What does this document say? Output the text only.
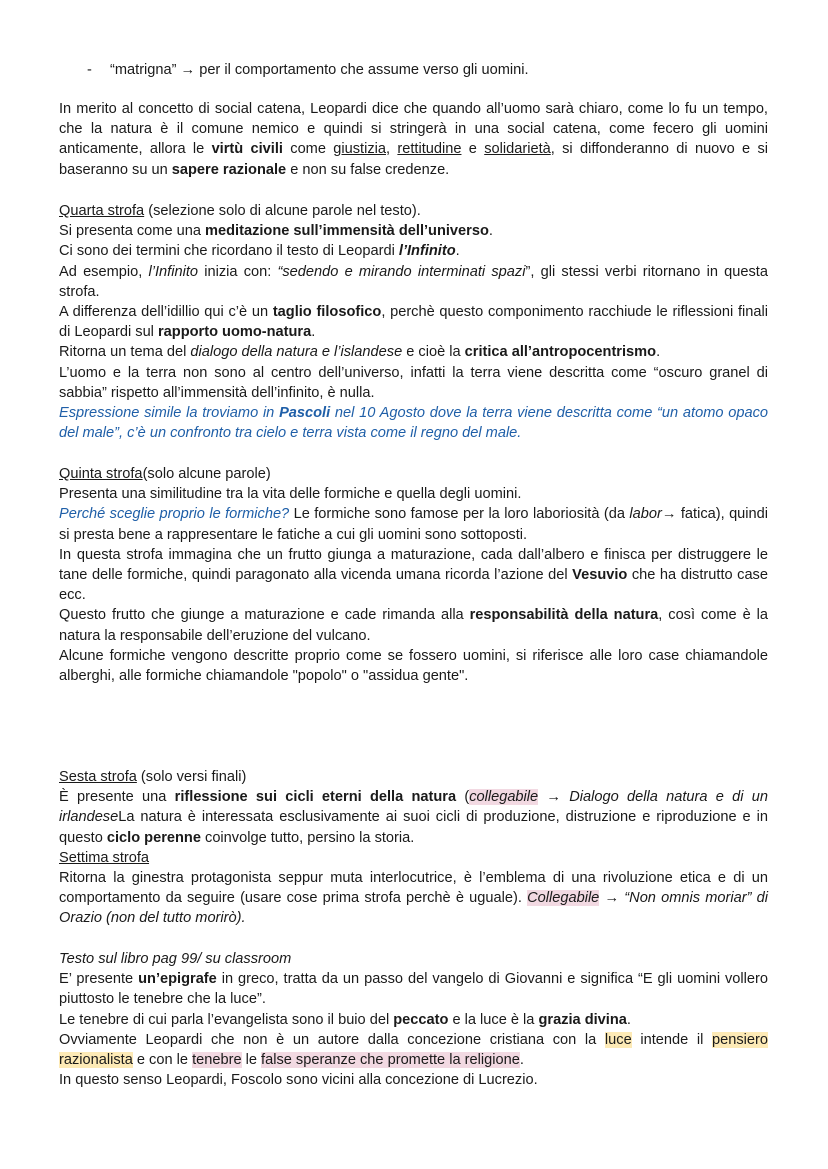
- “matrigna” → per il comportamento che assume verso gli uomini.

In merito al concetto di social catena, Leopardi dice che quando all’uomo sarà chiaro, come lo fu un tempo, che la natura è il comune nemico e quindi si stringerà in una social catena, come fecero gli uomini anticamente, allora le virtù civili come giustizia, rettitudine e solidarietà, si diffonderanno di nuovo e si baseranno su un sapere razionale e non su false credenze.

Quarta strofa (selezione solo di alcune parole nel testo).

Si presenta come una meditazione sull’immensità dell’universo.

Ci sono dei termini che ricordano il testo di Leopardi l’Infinito.

Ad esempio, l’Infinito inizia con: “sedendo e mirando interminati spazi”, gli stessi verbi ritornano in questa strofa.

A differenza dell’idillio qui c’è un taglio filosofico, perchè questo componimento racchiude le riflessioni finali di Leopardi sul rapporto uomo-natura.

Ritorna un tema del dialogo della natura e l’islandese e cioè la critica all’antropocentrismo.

L’uomo e la terra non sono al centro dell’universo, infatti la terra viene descritta come “oscuro granel di sabbia” rispetto all’immensità dell’infinito, è nulla.

Espressione simile la troviamo in Pascoli nel 10 Agosto dove la terra viene descritta come “un atomo opaco del male”, c’è un confronto tra cielo e terra vista come il regno del male.

Quinta strofa(solo alcune parole)

Presenta una similitudine tra la vita delle formiche e quella degli uomini.

Perché sceglie proprio le formiche? Le formiche sono famose per la loro laboriosità (da labor→ fatica), quindi si presta bene a rappresentare le fatiche a cui gli uomini sono sottoposti.

In questa strofa immagina che un frutto giunga a maturazione, cada dall’albero e finisca per distruggere le tane delle formiche, quindi paragonato alla vicenda umana ricorda l’azione del Vesuvio che ha distrutto case ecc.

Questo frutto che giunge a maturazione e cade rimanda alla responsabilità della natura, così come è la natura la responsabile dell’eruzione del vulcano.

Alcune formiche vengono descritte proprio come se fossero uomini, si riferisce alle loro case chiamandole alberghi, alle formiche chiamandole "popolo" o "assidua gente".

Sesta strofa (solo versi finali)

È presente una riflessione sui cicli eterni della natura (collegabile → Dialogo della natura e di un irlandeseLa natura è interessata esclusivamente ai suoi cicli di produzione, distruzione e riproduzione e in questo ciclo perenne coinvolge tutto, persino la storia.

Settima strofa

Ritorna la ginestra protagonista seppur muta interlocutrice, è l’emblema di una rivoluzione etica e di un comportamento da seguire (usare cose prima strofa perchè è uguale). Collegabile → “Non omnis moriar” di Orazio (non del tutto morirò).

Testo sul libro pag 99/ su classroom

E’ presente un’epigrafe in greco, tratta da un passo del vangelo di Giovanni e significa “E gli uomini vollero piuttosto le tenebre che la luce”.

Le tenebre di cui parla l’evangelista sono il buio del peccato e la luce è la grazia divina.

Ovviamente Leopardi che non è un autore dalla concezione cristiana con la luce intende il pensiero razionalista e con le tenebre le false speranze che promette la religione.

In questo senso Leopardi, Foscolo sono vicini alla concezione di Lucrezio.
